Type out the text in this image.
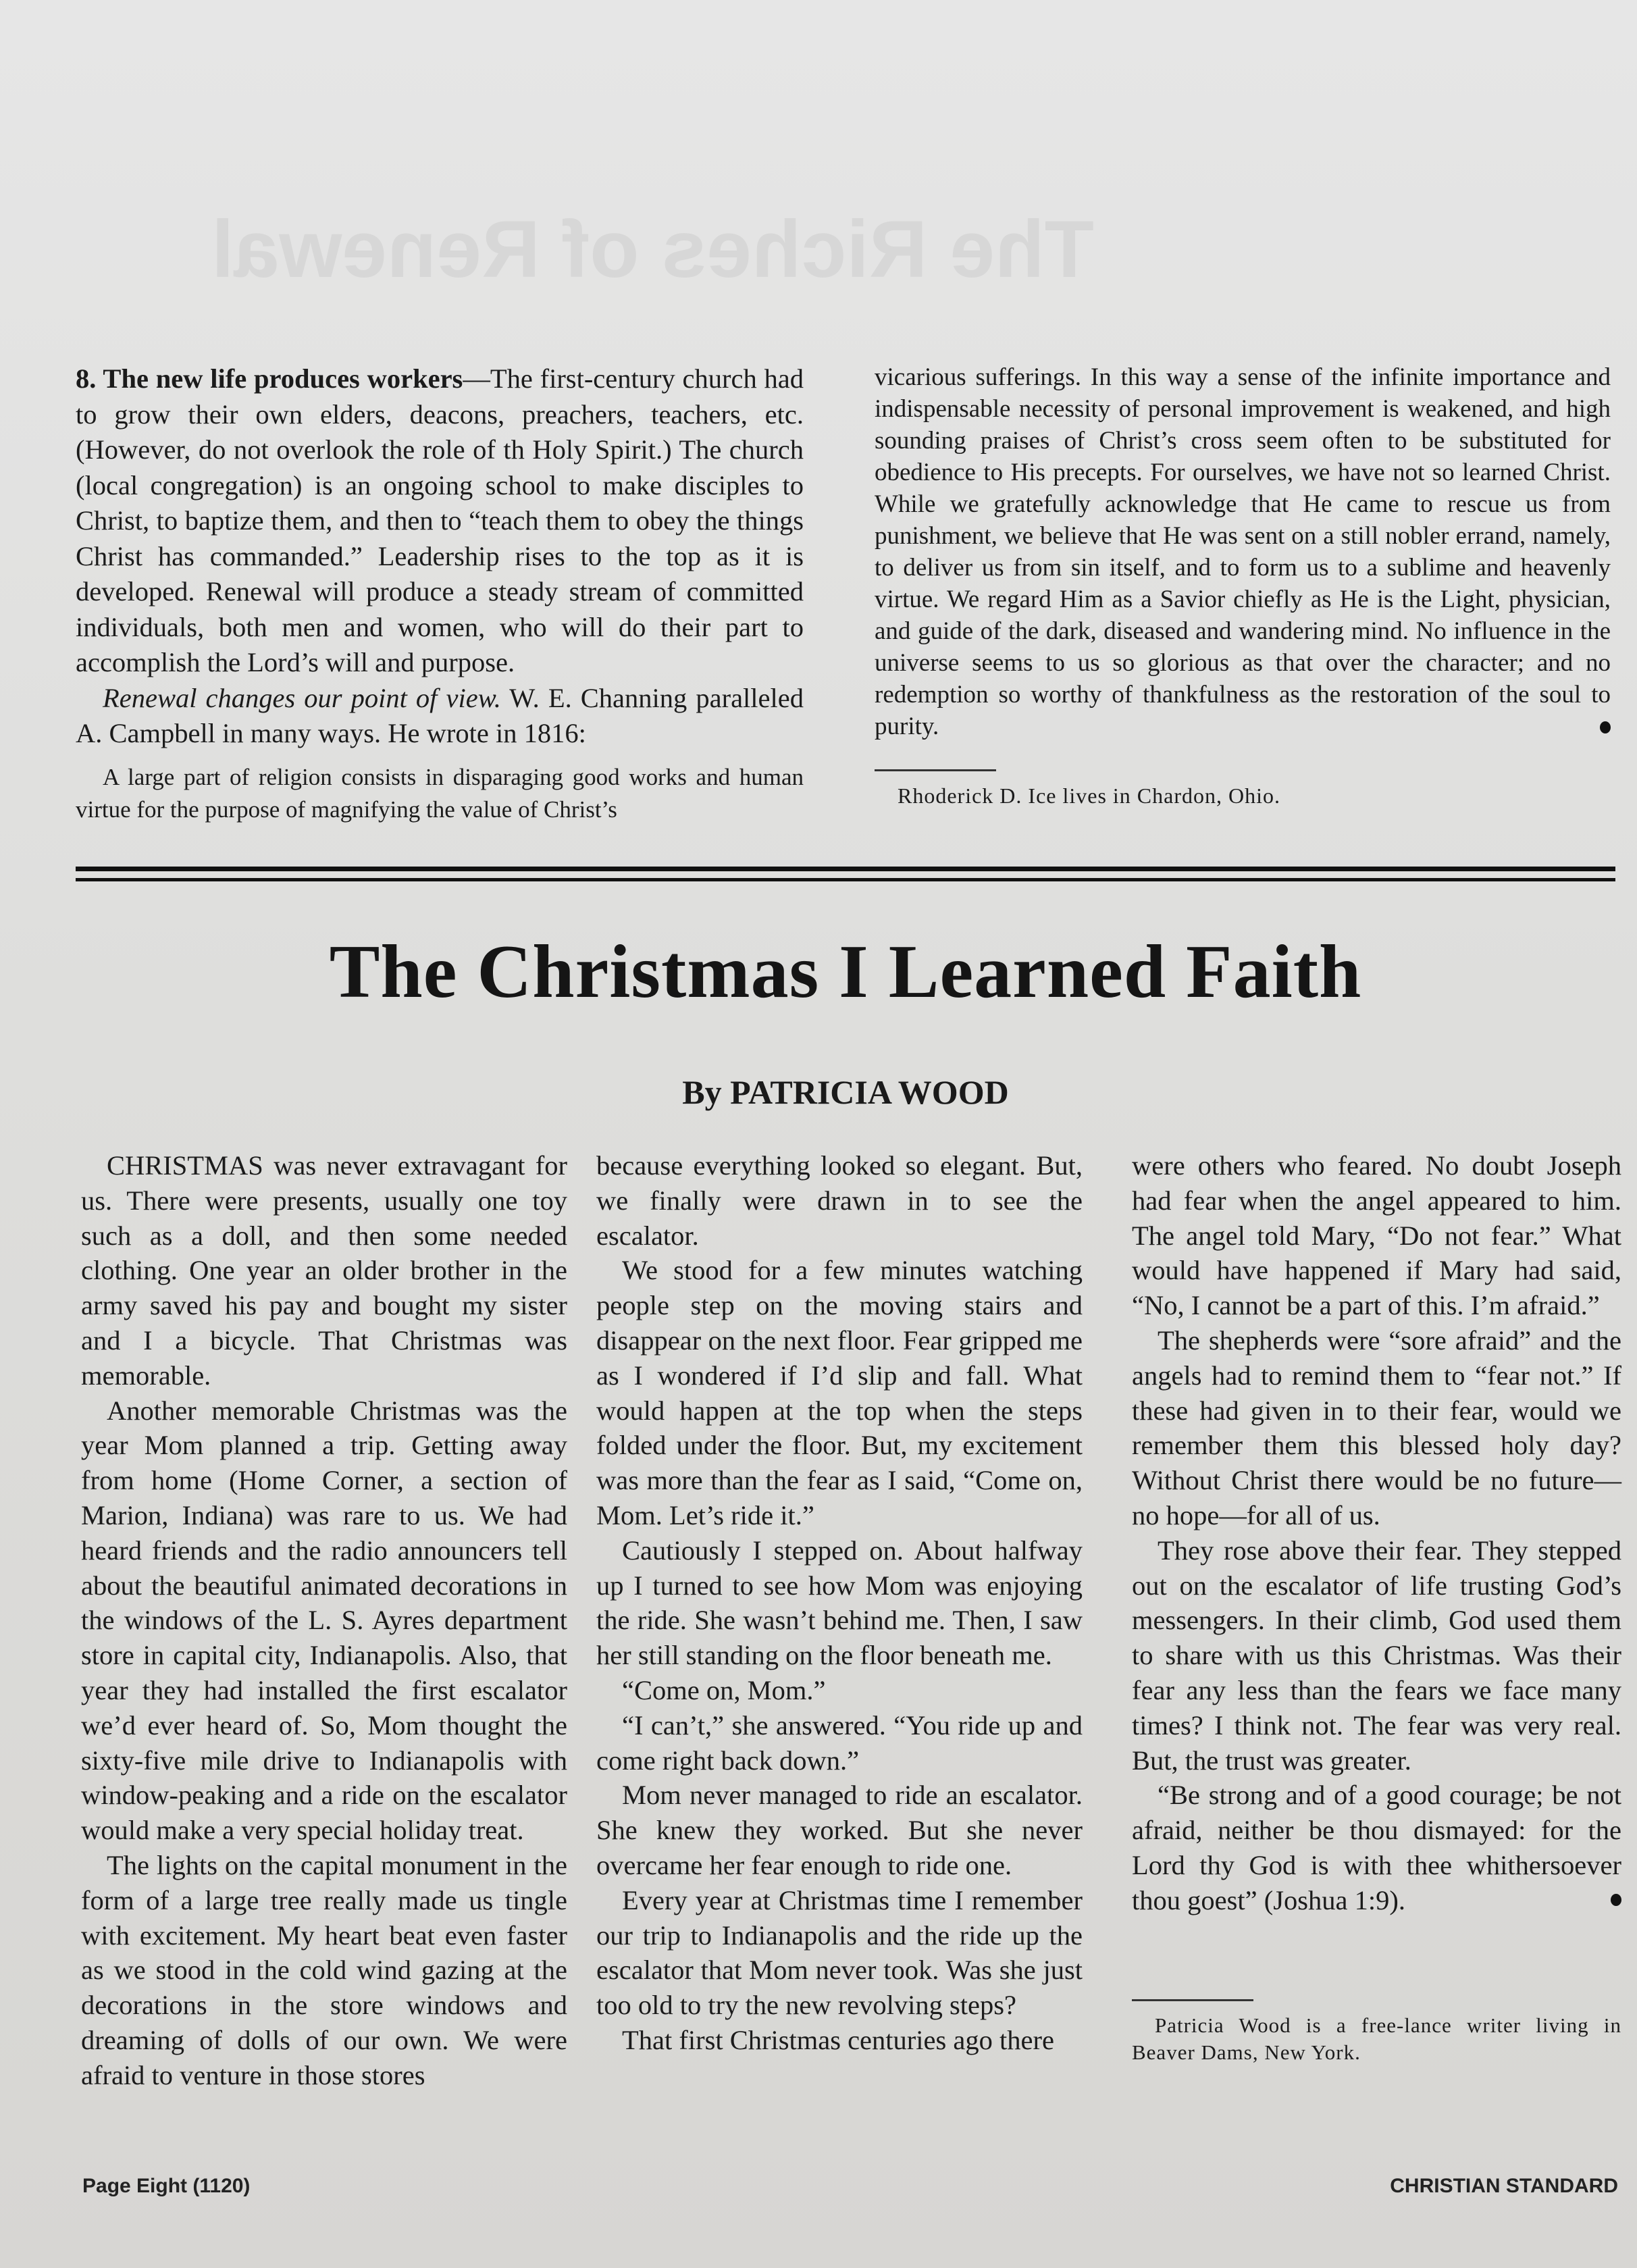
The Riches of Renewal

8. The new life produces workers—The first-century church had to grow their own elders, deacons, preachers, teachers, etc. (However, do not overlook the role of th Holy Spirit.) The church (local congregation) is an ongoing school to make disciples to Christ, to baptize them, and then to “teach them to obey the things Christ has commanded.” Leadership rises to the top as it is developed. Renewal will produce a steady stream of committed individuals, both men and women, who will do their part to accomplish the Lord’s will and purpose.

Renewal changes our point of view. W. E. Channing paralleled A. Campbell in many ways. He wrote in 1816:

A large part of religion consists in disparaging good works and human virtue for the purpose of magnifying the value of Christ’s

vicarious sufferings. In this way a sense of the infinite importance and indispensable necessity of personal improvement is weakened, and high sounding praises of Christ’s cross seem often to be substituted for obedience to His precepts. For ourselves, we have not so learned Christ. While we gratefully acknowledge that He came to rescue us from punishment, we believe that He was sent on a still nobler errand, namely, to deliver us from sin itself, and to form us to a sublime and heavenly virtue. We regard Him as a Savior chiefly as He is the Light, physician, and guide of the dark, diseased and wandering mind. No influence in the universe seems to us so glorious as that over the character; and no redemption so worthy of thankfulness as the restoration of the soul to purity.

Rhoderick D. Ice lives in Chardon, Ohio.

The Christmas I Learned Faith
By PATRICIA WOOD

CHRISTMAS was never extravagant for us. There were presents, usually one toy such as a doll, and then some needed clothing. One year an older brother in the army saved his pay and bought my sister and I a bicycle. That Christmas was memorable.

Another memorable Christmas was the year Mom planned a trip. Getting away from home (Home Corner, a section of Marion, Indiana) was rare to us. We had heard friends and the radio announcers tell about the beautiful animated decorations in the windows of the L. S. Ayres department store in capital city, Indianapolis. Also, that year they had installed the first escalator we’d ever heard of. So, Mom thought the sixty-five mile drive to Indianapolis with window-peaking and a ride on the escalator would make a very special holiday treat.

The lights on the capital monument in the form of a large tree really made us tingle with excitement. My heart beat even faster as we stood in the cold wind gazing at the decorations in the store windows and dreaming of dolls of our own. We were afraid to venture in those stores

because everything looked so elegant. But, we finally were drawn in to see the escalator.

We stood for a few minutes watching people step on the moving stairs and disappear on the next floor. Fear gripped me as I wondered if I’d slip and fall. What would happen at the top when the steps folded under the floor. But, my excitement was more than the fear as I said, “Come on, Mom. Let’s ride it.”

Cautiously I stepped on. About halfway up I turned to see how Mom was enjoying the ride. She wasn’t behind me. Then, I saw her still standing on the floor beneath me.

“Come on, Mom.”

“I can’t,” she answered. “You ride up and come right back down.”

Mom never managed to ride an escalator. She knew they worked. But she never overcame her fear enough to ride one.

Every year at Christmas time I remember our trip to Indianapolis and the ride up the escalator that Mom never took. Was she just too old to try the new revolving steps?

That first Christmas centuries ago there

were others who feared. No doubt Joseph had fear when the angel appeared to him. The angel told Mary, “Do not fear.” What would have happened if Mary had said, “No, I cannot be a part of this. I’m afraid.”

The shepherds were “sore afraid” and the angels had to remind them to “fear not.” If these had given in to their fear, would we remember them this blessed holy day? Without Christ there would be no future—no hope—for all of us.

They rose above their fear. They stepped out on the escalator of life trusting God’s messengers. In their climb, God used them to share with us this Christmas. Was their fear any less than the fears we face many times? I think not. The fear was very real. But, the trust was greater.

“Be strong and of a good courage; be not afraid, neither be thou dismayed: for the Lord thy God is with thee whithersoever thou goest” (Joshua 1:9).

Patricia Wood is a free-lance writer living in Beaver Dams, New York.

Page Eight (1120)	CHRISTIAN STANDARD
